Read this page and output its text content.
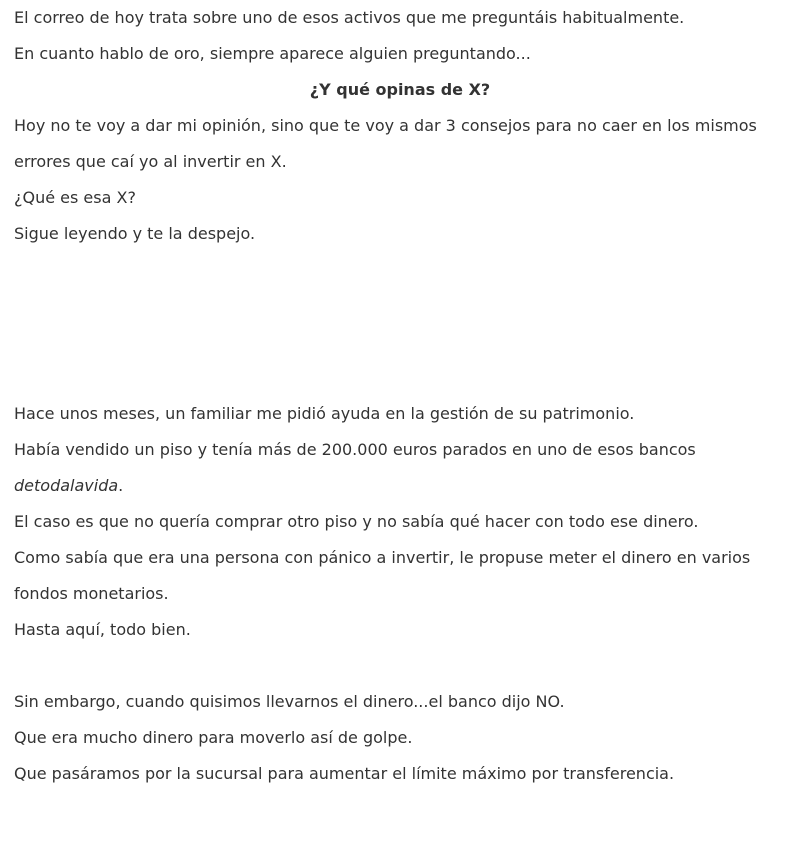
El correo de hoy trata sobre uno de esos activos que me preguntáis habitualmente.

En cuanto hablo de oro, siempre aparece alguien preguntando...

¿Y qué opinas de X?

Hoy no te voy a dar mi opinión, sino que te voy a dar 3 consejos para no caer en los mismos

errores que caí yo al invertir en X.

¿Qué es esa X?

Sigue leyendo y te la despejo.

Hace unos meses, un familiar me pidió ayuda en la gestión de su patrimonio.

Había vendido un piso y tenía más de 200.000 euros parados en uno de esos bancos

detodalavida.

El caso es que no quería comprar otro piso y no sabía qué hacer con todo ese dinero.

Como sabía que era una persona con pánico a invertir, le propuse meter el dinero en varios

fondos monetarios.

Hasta aquí, todo bien.

Sin embargo, cuando quisimos llevarnos el dinero...el banco dijo NO.

Que era mucho dinero para moverlo así de golpe.

Que pasáramos por la sucursal para aumentar el límite máximo por transferencia.
